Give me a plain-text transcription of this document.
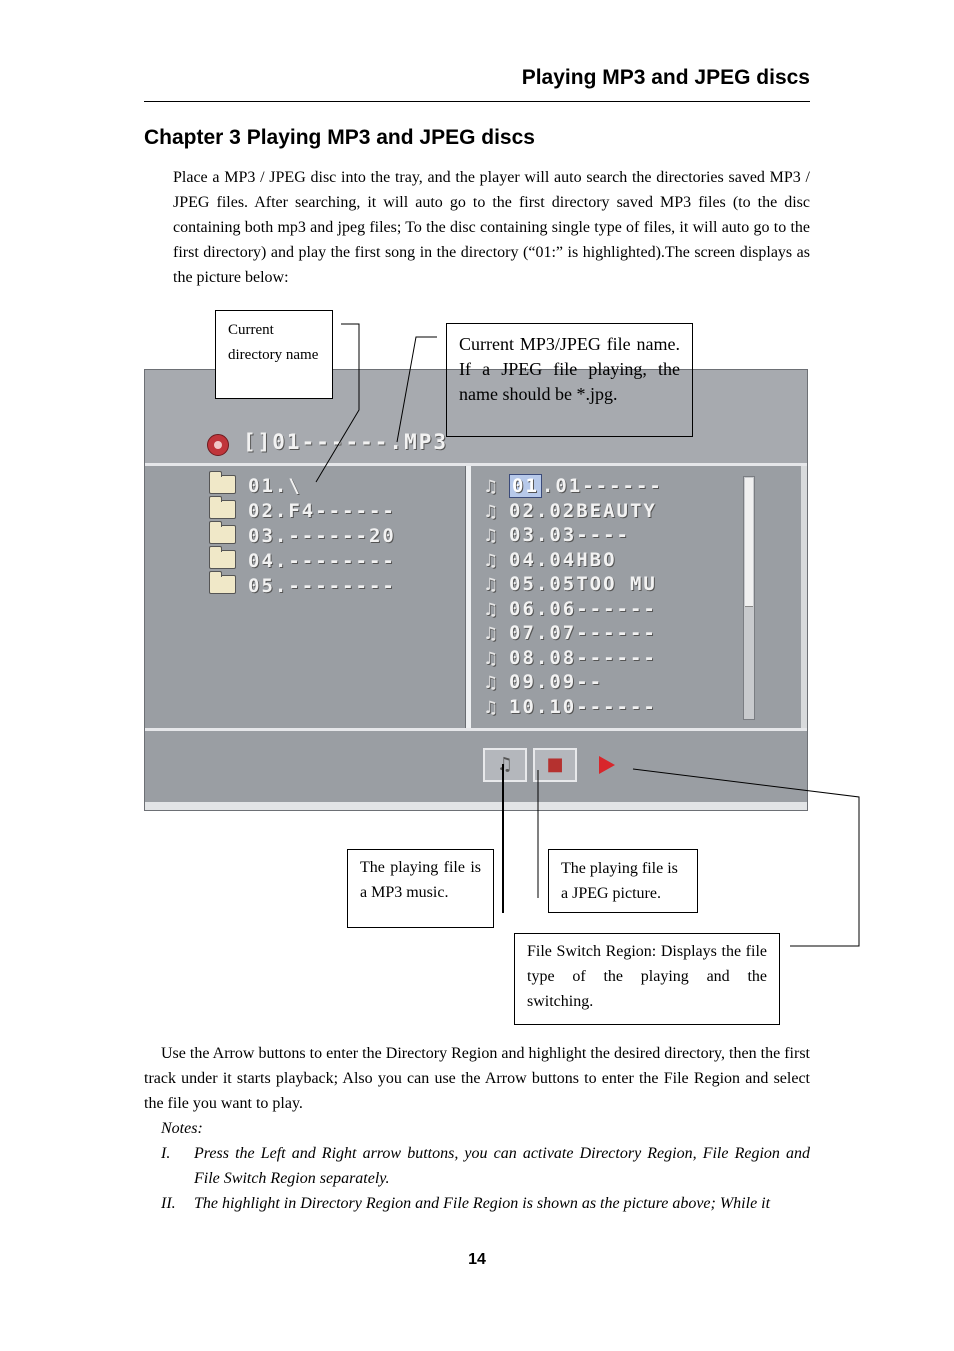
Playing MP3 and JPEG discs
Chapter 3 Playing MP3 and JPEG discs
Place a MP3 / JPEG disc into the tray, and the player will auto search the directories saved MP3 / JPEG files. After searching, it will auto go to the first directory saved MP3 files (to the disc containing both mp3 and jpeg files; To the disc containing single type of files, it will auto go to the first directory) and play the first song in the directory (“01:” is highlighted).The screen displays as the picture below:
[]01------.MP3
01.\
02.F4------
03.------20
04.--------
05.--------
♫ 01 .01------
♫ 02.02BEAUTY
♫ 03.03----
♫ 04.04HBO
♫ 05.05TOO MU
♫ 06.06------
♫ 07.07------
♫ 08.08------
♫ 09.09--
♫ 10.10------
♫	■
Current directory name
Current MP3/JPEG file name. If a JPEG file playing, the name should be *.jpg.
The playing file is a MP3 music.
The playing file is a JPEG picture.
File Switch Region: Displays the file type of the playing and the switching.
Use the Arrow buttons to enter the Directory Region and highlight the desired directory, then the first track under it starts playback; Also you can use the Arrow buttons to enter the File Region and select the file you want to play.
Notes:
I. Press the Left and Right arrow buttons, you can activate Directory Region, File Region and File Switch Region separately.
II. The highlight in Directory Region and File Region is shown as the picture above; While it
14
